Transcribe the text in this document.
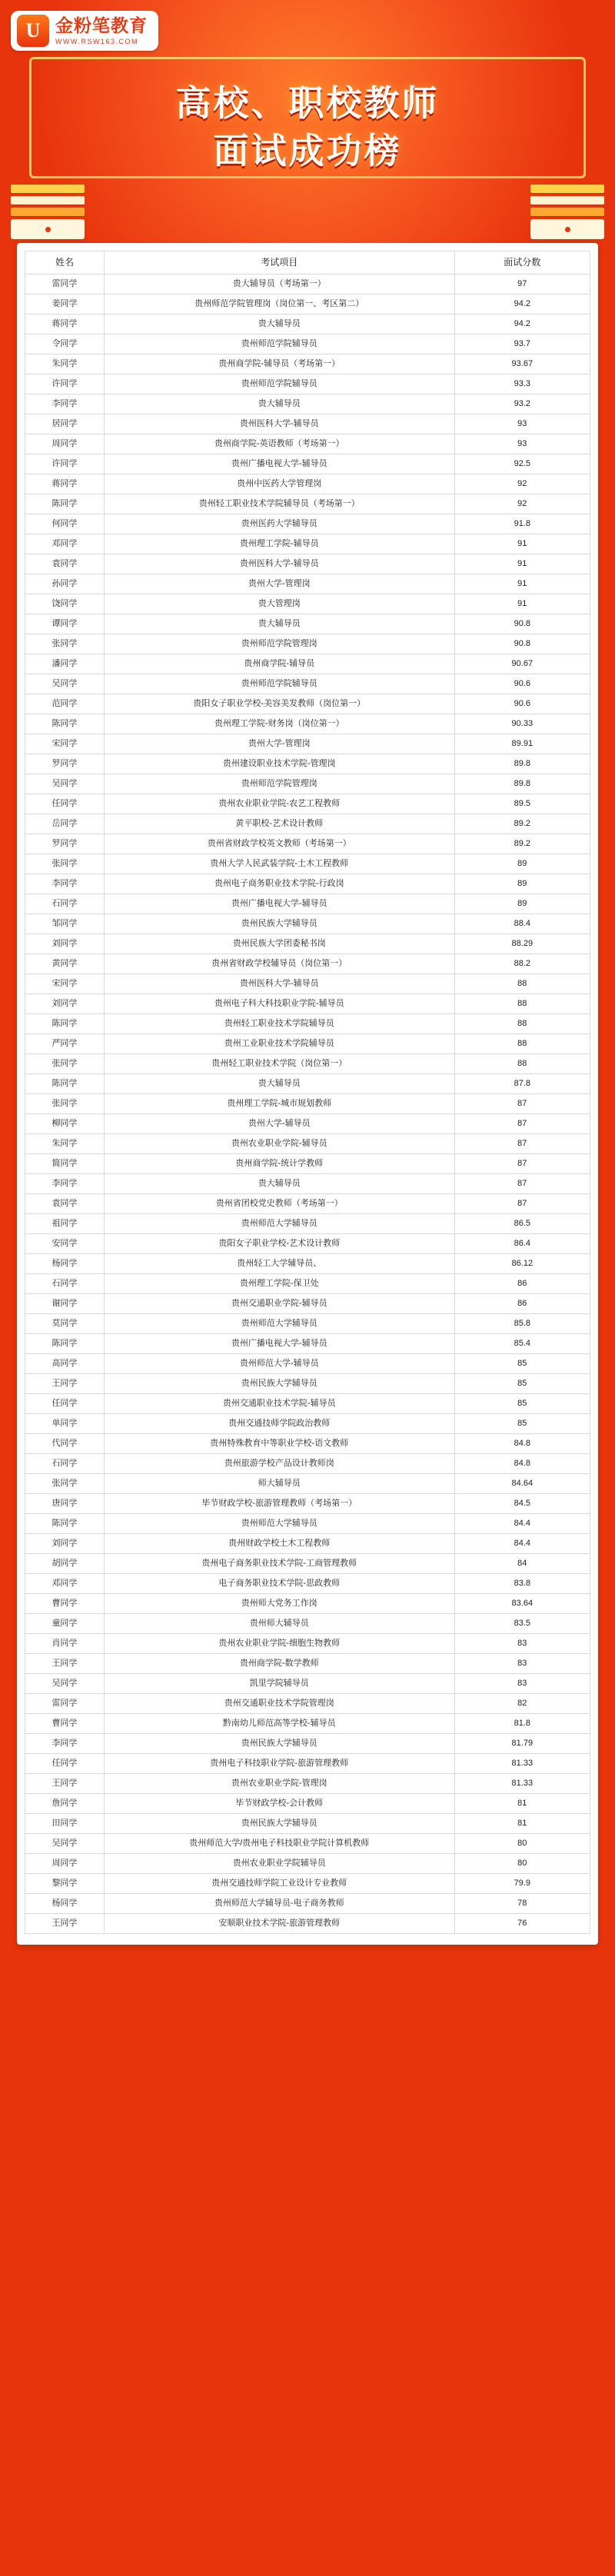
U 金粉笔教育
WWW.RSW163.COM
高校、职校教师
面试成功榜
姓名	考试项目	面试分数
雷同学	贵大辅导员（考场第一）	97
姜同学	贵州师范学院管理岗（岗位第一、考区第二）	94.2
蒋同学	贵大辅导员	94.2
令同学	贵州师范学院辅导员	93.7
朱同学	贵州商学院-辅导员（考场第一）	93.67
许同学	贵州师范学院辅导员	93.3
李同学	贵大辅导员	93.2
居同学	贵州医科大学-辅导员	93
周同学	贵州商学院-英语教师（考场第一）	93
许同学	贵州广播电视大学-辅导员	92.5
蒋同学	贵州中医药大学管理岗	92
陈同学	贵州轻工职业技术学院辅导员（考场第一）	92
何同学	贵州医药大学辅导员	91.8
邓同学	贵州理工学院-辅导员	91
袁同学	贵州医科大学-辅导员	91
孙同学	贵州大学-管理岗	91
饶同学	贵大管理岗	91
谭同学	贵大辅导员	90.8
张同学	贵州师范学院管理岗	90.8
潘同学	贵州商学院-辅导员	90.67
吴同学	贵州师范学院辅导员	90.6
范同学	贵阳女子职业学校-美容美发教师（岗位第一）	90.6
陈同学	贵州理工学院-财务岗（岗位第一）	90.33
宋同学	贵州大学-管理岗	89.91
罗同学	贵州建设职业技术学院-管理岗	89.8
吴同学	贵州师范学院管理岗	89.8
任同学	贵州农业职业学院-农艺工程教师	89.5
岳同学	黄平职校-艺术设计教师	89.2
罗同学	贵州省财政学校英文教师（考场第一）	89.2
张同学	贵州大学人民武装学院-土木工程教师	89
李同学	贵州电子商务职业技术学院-行政岗	89
石同学	贵州广播电视大学-辅导员	89
邹同学	贵州民族大学辅导员	88.4
刘同学	贵州民族大学团委秘书岗	88.29
黄同学	贵州省财政学校辅导员（岗位第一）	88.2
宋同学	贵州医科大学-辅导员	88
刘同学	贵州电子科大科技职业学院-辅导员	88
陈同学	贵州轻工职业技术学院辅导员	88
严同学	贵州工业职业技术学院辅导员	88
张同学	贵州轻工职业技术学院（岗位第一）	88
陈同学	贵大辅导员	87.8
张同学	贵州理工学院-城市规划教师	87
柳同学	贵州大学-辅导员	87
朱同学	贵州农业职业学院-辅导员	87
简同学	贵州商学院-统计学教师	87
李同学	贵大辅导员	87
袁同学	贵州省团校党史教师（考场第一）	87
祖同学	贵州师范大学辅导员	86.5
安同学	贵阳女子职业学校-艺术设计教师	86.4
杨同学	贵州轻工大学辅导员、	86.12
石同学	贵州理工学院-保卫处	86
谢同学	贵州交通职业学院-辅导员	86
莫同学	贵州师范大学辅导员	85.8
陈同学	贵州广播电视大学-辅导员	85.4
高同学	贵州师范大学-辅导员	85
王同学	贵州民族大学辅导员	85
任同学	贵州交通职业技术学院-辅导员	85
单同学	贵州交通技师学院政治教师	85
代同学	贵州特殊教育中等职业学校-语文教师	84.8
石同学	贵州旅游学校产品设计教师岗	84.8
张同学	师大辅导员	84.64
唐同学	毕节财政学校-旅游管理教师（考场第一）	84.5
陈同学	贵州师范大学辅导员	84.4
刘同学	贵州财政学校土木工程教师	84.4
胡同学	贵州电子商务职业技术学院-工商管理教师	84
邓同学	电子商务职业技术学院-思政教师	83.8
曹同学	贵州师大党务工作岗	83.64
童同学	贵州师大辅导员	83.5
肖同学	贵州农业职业学院-细胞生物教师	83
王同学	贵州商学院-数学教师	83
吴同学	凯里学院辅导员	83
雷同学	贵州交通职业技术学院管理岗	82
曹同学	黔南幼儿师范高等学校-辅导员	81.8
李同学	贵州民族大学辅导员	81.79
任同学	贵州电子科技职业学院-旅游管理教师	81.33
王同学	贵州农业职业学院-管理岗	81.33
詹同学	毕节财政学校-会计教师	81
田同学	贵州民族大学辅导员	81
吴同学	贵州师范大学/贵州电子科技职业学院计算机教师	80
周同学	贵州农业职业学院辅导员	80
黎同学	贵州交通技师学院工业设计专业教师	79.9
杨同学	贵州师范大学辅导员-电子商务教师	78
王同学	安顺职业技术学院-旅游管理教师	76
